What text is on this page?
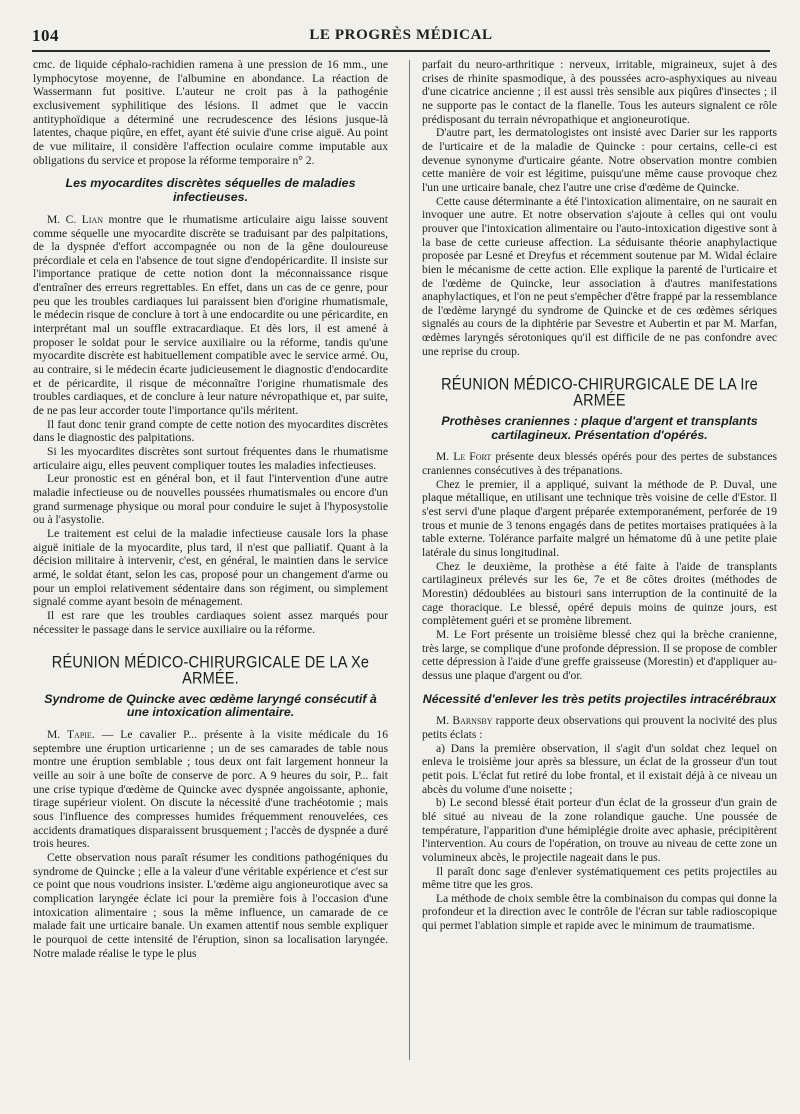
104	LE PROGRÈS MÉDICAL

cmc. de liquide céphalo-rachidien ramena à une pression de 16 mm., une lymphocytose moyenne, de l'albumine en abondance. La réaction de Wassermann fut positive. L'auteur ne croit pas à la pathogénie exclusivement syphilitique des lésions. Il admet que le vaccin antityphoïdique a déterminé une recrudescence des lésions jusque-là latentes, chaque piqûre, en effet, ayant été suivie d'une crise aiguë. Au point de vue militaire, il considère l'affection oculaire comme imputable aux obligations du service et propose la réforme temporaire n° 2.

Les myocardites discrètes séquelles de maladies infectieuses.

M. C. Lian montre que le rhumatisme articulaire aigu laisse souvent comme séquelle une myocardite discrète se traduisant par des palpitations, de la dyspnée d'effort accompagnée ou non de la gêne douloureuse précordiale et cela en l'absence de tout signe d'endopéricardite. Il insiste sur l'importance pratique de cette notion dont la méconnaissance risque d'entraîner des erreurs regrettables. En effet, dans un cas de ce genre, pour peu que les troubles cardiaques lui paraissent bien d'origine rhumatismale, le médecin risque de conclure à tort à une endocardite ou une péricardite, en interprétant mal un souffle extracardiaque. Et dès lors, il est amené à proposer le soldat pour le service auxiliaire ou la réforme, tandis qu'une myocardite discrète est habituellement compatible avec le service armé. Ou, au contraire, si le médecin écarte judicieusement le diagnostic d'endocardite et de péricardite, il risque de méconnaître l'origine rhumatismale des troubles cardiaques, et de conclure à leur nature névropathique et, par suite, de ne pas leur accorder toute l'importance qu'ils méritent.

Il faut donc tenir grand compte de cette notion des myocardites discrètes dans le diagnostic des palpitations.

Si les myocardites discrètes sont surtout fréquentes dans le rhumatisme articulaire aigu, elles peuvent compliquer toutes les maladies infectieuses.

Leur pronostic est en général bon, et il faut l'intervention d'une autre maladie infectieuse ou de nouvelles poussées rhumatismales ou encore d'un grand surmenage physique ou moral pour conduire le sujet à l'hyposystolie ou à l'asystolie.

Le traitement est celui de la maladie infectieuse causale lors la phase aiguë initiale de la myocardite, plus tard, il n'est que palliatif. Quant à la décision militaire à intervenir, c'est, en général, le maintien dans le service armé, le soldat étant, selon les cas, proposé pour un changement d'arme ou pour un emploi relativement sédentaire dans son régiment, ou simplement signalé comme ayant besoin de ménagement.

Il est rare que les troubles cardiaques soient assez marqués pour nécessiter le passage dans le service auxiliaire ou la réforme.

RÉUNION MÉDICO-CHIRURGICALE DE LA Xe ARMÉE.
Syndrome de Quincke avec œdème laryngé consécutif à une intoxication alimentaire.

M. Tapie. — Le cavalier P... présente à la visite médicale du 16 septembre une éruption urticarienne ; un de ses camarades de table nous montre une éruption semblable ; tous deux ont fait largement honneur la veille au soir à une boîte de conserve de porc. A 9 heures du soir, P... fait une crise typique d'œdème de Quincke avec dyspnée angoissante, aphonie, tirage supérieur violent. On discute la nécessité d'une trachéotomie ; mais sous l'influence des compresses humides fréquemment renouvelées, ces accidents dramatiques disparaissent brusquement ; l'accès de dyspnée a duré trois heures.

Cette observation nous paraît résumer les conditions pathogéniques du syndrome de Quincke ; elle a la valeur d'une véritable expérience et c'est sur ce point que nous voudrions insister. L'œdème aigu angioneurotique avec sa complication laryngée éclate ici pour la première fois à l'occasion d'une intoxication alimentaire ; sous la même influence, un camarade de ce malade fait une urticaire banale. Un examen attentif nous semble expliquer le pourquoi de cette intensité de l'éruption, sinon sa localisation laryngée. Notre malade réalise le type le plus

parfait du neuro-arthritique : nerveux, irritable, migraineux, sujet à des crises de rhinite spasmodique, à des poussées acro-asphyxiques au niveau d'une cicatrice ancienne ; il est aussi très sensible aux piqûres d'insectes ; il ne supporte pas le contact de la flanelle. Tous les auteurs signalent ce rôle prédisposant du terrain névropathique et angioneurotique.

D'autre part, les dermatologistes ont insisté avec Darier sur les rapports de l'urticaire et de la maladie de Quincke : pour certains, celle-ci est devenue synonyme d'urticaire géante. Notre observation montre combien cette manière de voir est légitime, puisqu'une même cause provoque chez l'un une urticaire banale, chez l'autre une crise d'œdème de Quincke.

Cette cause déterminante a été l'intoxication alimentaire, on ne saurait en invoquer une autre. Et notre observation s'ajoute à celles qui ont voulu prouver que l'intoxication alimentaire ou l'auto-intoxication digestive sont à la base de cette curieuse affection. La séduisante théorie anaphylactique proposée par Lesné et Dreyfus et récemment soutenue par M. Widal éclaire bien le mécanisme de cette action. Elle explique la parenté de l'urticaire et de l'œdème de Quincke, leur association à d'autres manifestations anaphylactiques, et l'on ne peut s'empêcher d'être frappé par la ressemblance de l'œdème laryngé du syndrome de Quincke et de ces œdèmes sériques signalés au cours de la diphtérie par Sevestre et Aubertin et par M. Marfan, œdèmes laryngés sérotoniques qu'il est difficile de ne pas confondre avec une reprise du croup.

RÉUNION MÉDICO-CHIRURGICALE DE LA Ire ARMÉE
Prothèses craniennes : plaque d'argent et transplants cartilagineux. Présentation d'opérés.

M. Le Fort présente deux blessés opérés pour des pertes de substances craniennes consécutives à des trépanations.

Chez le premier, il a appliqué, suivant la méthode de P. Duval, une plaque métallique, en utilisant une technique très voisine de celle d'Estor. Il s'est servi d'une plaque d'argent préparée extemporanément, perforée de 19 trous et munie de 3 tenons engagés dans de petites mortaises pratiquées à la table externe. Tolérance parfaite malgré un hématome dû à une petite plaie latérale du sinus longitudinal.

Chez le deuxième, la prothèse a été faite à l'aide de transplants cartilagineux prélevés sur les 6e, 7e et 8e côtes droites (méthodes de Morestin) dédoublées au bistouri sans interruption de la continuité de la cage thoracique. Le blessé, opéré depuis moins de quinze jours, est complètement guéri et se promène librement.

M. Le Fort présente un troisième blessé chez qui la brèche cranienne, très large, se complique d'une profonde dépression. Il se propose de combler cette dépression à l'aide d'une greffe graisseuse (Morestin) et d'appliquer au-dessus une plaque d'argent ou d'or.

Nécessité d'enlever les très petits projectiles intracérébraux

M. Barnsby rapporte deux observations qui prouvent la nocivité des plus petits éclats :

a) Dans la première observation, il s'agit d'un soldat chez lequel on enleva le troisième jour après sa blessure, un éclat de la grosseur d'un tout petit pois. L'éclat fut retiré du lobe frontal, et il existait déjà à ce niveau un abcès du volume d'une noisette ;

b) Le second blessé était porteur d'un éclat de la grosseur d'un grain de blé situé au niveau de la zone rolandique gauche. Une poussée de température, l'apparition d'une hémiplégie droite avec aphasie, précipitèrent l'intervention. Au cours de l'opération, on trouve au niveau de cette zone un volumineux abcès, le projectile nageait dans le pus.

Il paraît donc sage d'enlever systématiquement ces petits projectiles au même titre que les gros.

La méthode de choix semble être la combinaison du compas qui donne la profondeur et la direction avec le contrôle de l'écran sur table radioscopique qui permet l'ablation simple et rapide avec le minimum de traumatisme.
